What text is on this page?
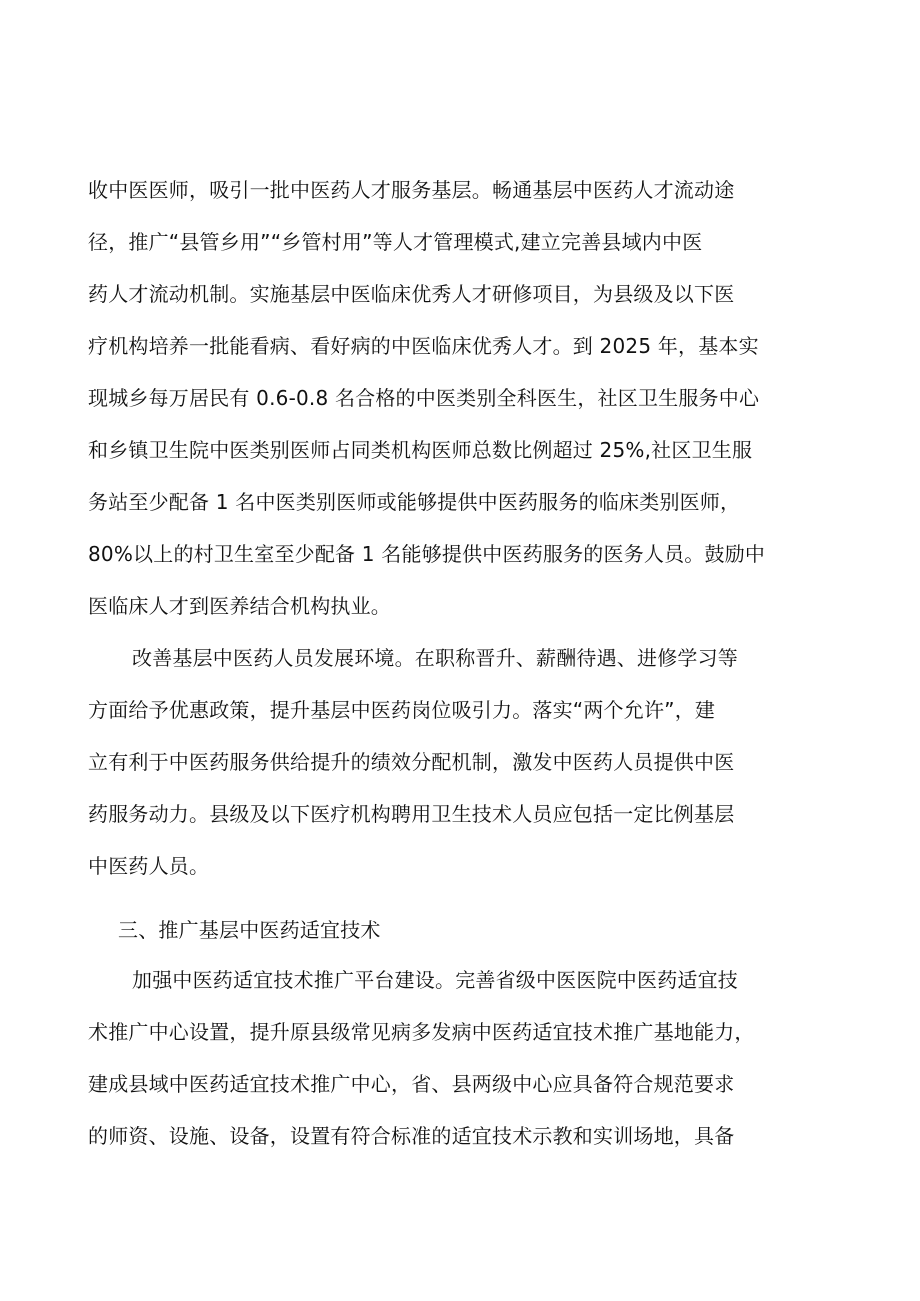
收中医医师，吸引一批中医药人才服务基层。畅通基层中医药人才流动途
径，推广“县管乡用”“乡管村用”等人才管理模式,建立完善县域内中医
药人才流动机制。实施基层中医临床优秀人才研修项目，为县级及以下医
疗机构培养一批能看病、看好病的中医临床优秀人才。到 2025 年，基本实
现城乡每万居民有 0.6-0.8 名合格的中医类别全科医生，社区卫生服务中心
和乡镇卫生院中医类别医师占同类机构医师总数比例超过 25%,社区卫生服
务站至少配备 1 名中医类别医师或能够提供中医药服务的临床类别医师，
80%以上的村卫生室至少配备 1 名能够提供中医药服务的医务人员。鼓励中
医临床人才到医养结合机构执业。
改善基层中医药人员发展环境。在职称晋升、薪酬待遇、进修学习等
方面给予优惠政策，提升基层中医药岗位吸引力。落实“两个允许”，建
立有利于中医药服务供给提升的绩效分配机制，激发中医药人员提供中医
药服务动力。县级及以下医疗机构聘用卫生技术人员应包括一定比例基层
中医药人员。
三、推广基层中医药适宜技术
加强中医药适宜技术推广平台建设。完善省级中医医院中医药适宜技
术推广中心设置，提升原县级常见病多发病中医药适宜技术推广基地能力，
建成县域中医药适宜技术推广中心，省、县两级中心应具备符合规范要求
的师资、设施、设备，设置有符合标准的适宜技术示教和实训场地，具备
